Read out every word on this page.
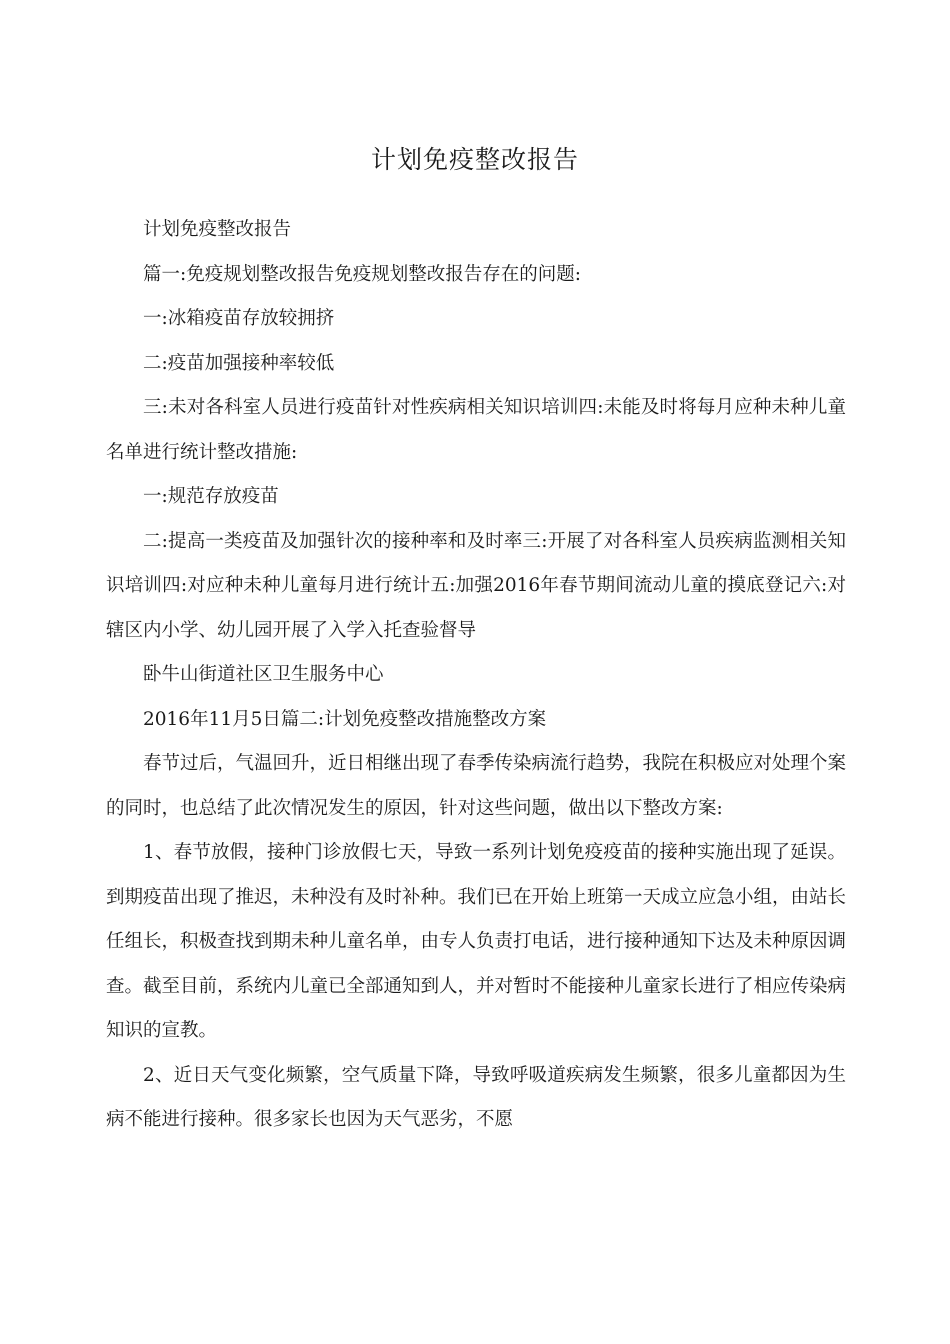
计划免疫整改报告

计划免疫整改报告

篇一:免疫规划整改报告免疫规划整改报告存在的问题:

一:冰箱疫苗存放较拥挤

二:疫苗加强接种率较低

三:未对各科室人员进行疫苗针对性疾病相关知识培训四:未能及时将每月应种未种儿童名单进行统计整改措施:

一:规范存放疫苗

二:提高一类疫苗及加强针次的接种率和及时率三:开展了对各科室人员疾病监测相关知识培训四:对应种未种儿童每月进行统计五:加强2016年春节期间流动儿童的摸底登记六:对辖区内小学、幼儿园开展了入学入托查验督导

卧牛山街道社区卫生服务中心

2016年11月5日篇二:计划免疫整改措施整改方案

春节过后，气温回升，近日相继出现了春季传染病流行趋势，我院在积极应对处理个案的同时，也总结了此次情况发生的原因，针对这些问题，做出以下整改方案:

1、春节放假，接种门诊放假七天，导致一系列计划免疫疫苗的接种实施出现了延误。到期疫苗出现了推迟，未种没有及时补种。我们已在开始上班第一天成立应急小组，由站长任组长，积极查找到期未种儿童名单，由专人负责打电话，进行接种通知下达及未种原因调查。截至目前，系统内儿童已全部通知到人，并对暂时不能接种儿童家长进行了相应传染病知识的宣教。

2、近日天气变化频繁，空气质量下降，导致呼吸道疾病发生频繁，很多儿童都因为生病不能进行接种。很多家长也因为天气恶劣，不愿
